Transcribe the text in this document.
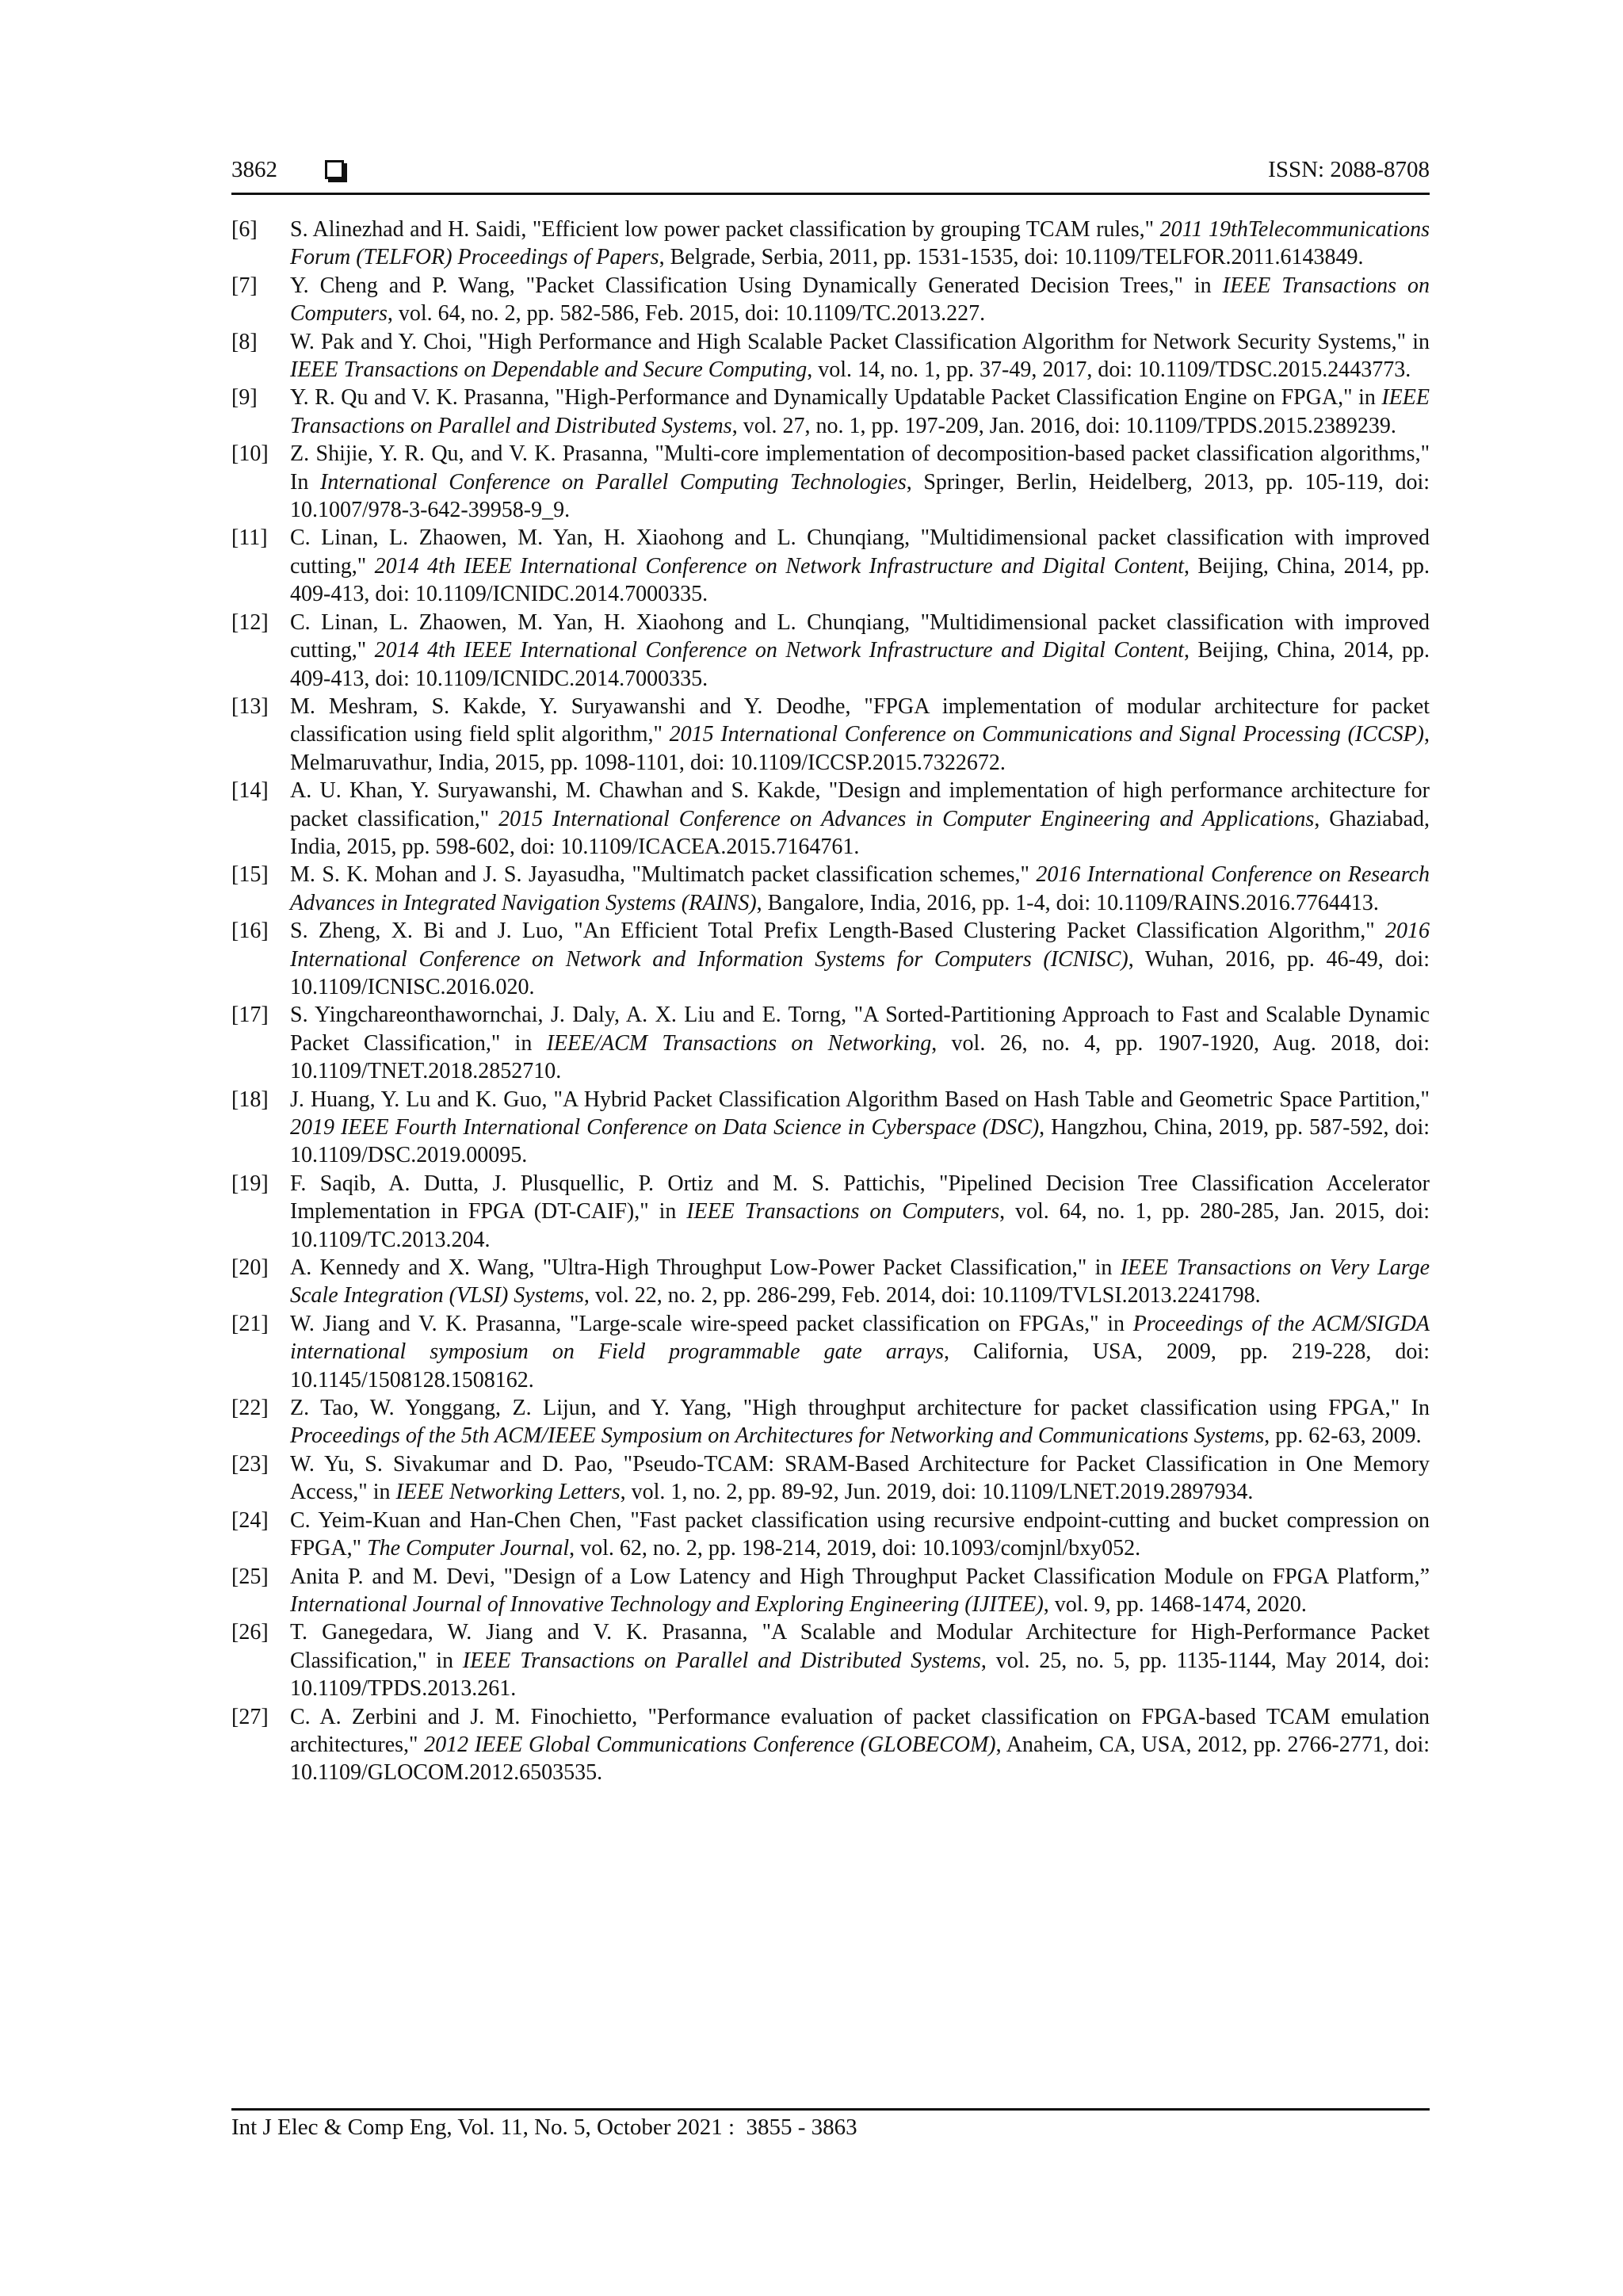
3862	ISSN: 2088-8708
[6]	S. Alinezhad and H. Saidi, "Efficient low power packet classification by grouping TCAM rules," 2011 19thTelecommunications Forum (TELFOR) Proceedings of Papers, Belgrade, Serbia, 2011, pp. 1531-1535, doi: 10.1109/TELFOR.2011.6143849.
[7]	Y. Cheng and P. Wang, "Packet Classification Using Dynamically Generated Decision Trees," in IEEE Transactions on Computers, vol. 64, no. 2, pp. 582-586, Feb. 2015, doi: 10.1109/TC.2013.227.
[8]	W. Pak and Y. Choi, "High Performance and High Scalable Packet Classification Algorithm for Network Security Systems," in IEEE Transactions on Dependable and Secure Computing, vol. 14, no. 1, pp. 37-49, 2017, doi: 10.1109/TDSC.2015.2443773.
[9]	Y. R. Qu and V. K. Prasanna, "High-Performance and Dynamically Updatable Packet Classification Engine on FPGA," in IEEE Transactions on Parallel and Distributed Systems, vol. 27, no. 1, pp. 197-209, Jan. 2016, doi: 10.1109/TPDS.2015.2389239.
[10] Z. Shijie, Y. R. Qu, and V. K. Prasanna, "Multi-core implementation of decomposition-based packet classification algorithms," In International Conference on Parallel Computing Technologies, Springer, Berlin, Heidelberg, 2013, pp. 105-119, doi: 10.1007/978-3-642-39958-9_9.
[11]	C. Linan, L. Zhaowen, M. Yan, H. Xiaohong and L. Chunqiang, "Multidimensional packet classification with improved cutting," 2014 4th IEEE International Conference on Network Infrastructure and Digital Content, Beijing, China, 2014, pp. 409-413, doi: 10.1109/ICNIDC.2014.7000335.
[12] C. Linan, L. Zhaowen, M. Yan, H. Xiaohong and L. Chunqiang, "Multidimensional packet classification with improved cutting," 2014 4th IEEE International Conference on Network Infrastructure and Digital Content, Beijing, China, 2014, pp. 409-413, doi: 10.1109/ICNIDC.2014.7000335.
[13] M. Meshram, S. Kakde, Y. Suryawanshi and Y. Deodhe, "FPGA implementation of modular architecture for packet classification using field split algorithm," 2015 International Conference on Communications and Signal Processing (ICCSP), Melmaruvathur, India, 2015, pp. 1098-1101, doi: 10.1109/ICCSP.2015.7322672.
[14] A. U. Khan, Y. Suryawanshi, M. Chawhan and S. Kakde, "Design and implementation of high performance architecture for packet classification," 2015 International Conference on Advances in Computer Engineering and Applications, Ghaziabad, India, 2015, pp. 598-602, doi: 10.1109/ICACEA.2015.7164761.
[15] M. S. K. Mohan and J. S. Jayasudha, "Multimatch packet classification schemes," 2016 International Conference on Research Advances in Integrated Navigation Systems (RAINS), Bangalore, India, 2016, pp. 1-4, doi: 10.1109/RAINS.2016.7764413.
[16] S. Zheng, X. Bi and J. Luo, "An Efficient Total Prefix Length-Based Clustering Packet Classification Algorithm," 2016 International Conference on Network and Information Systems for Computers (ICNISC), Wuhan, 2016, pp. 46-49, doi: 10.1109/ICNISC.2016.020.
[17] S. Yingchareonthawornchai, J. Daly, A. X. Liu and E. Torng, "A Sorted-Partitioning Approach to Fast and Scalable Dynamic Packet Classification," in IEEE/ACM Transactions on Networking, vol. 26, no. 4, pp. 1907-1920, Aug. 2018, doi: 10.1109/TNET.2018.2852710.
[18] J. Huang, Y. Lu and K. Guo, "A Hybrid Packet Classification Algorithm Based on Hash Table and Geometric Space Partition," 2019 IEEE Fourth International Conference on Data Science in Cyberspace (DSC), Hangzhou, China, 2019, pp. 587-592, doi: 10.1109/DSC.2019.00095.
[19] F. Saqib, A. Dutta, J. Plusquellic, P. Ortiz and M. S. Pattichis, "Pipelined Decision Tree Classification Accelerator Implementation in FPGA (DT-CAIF)," in IEEE Transactions on Computers, vol. 64, no. 1, pp. 280-285, Jan. 2015, doi: 10.1109/TC.2013.204.
[20] A. Kennedy and X. Wang, "Ultra-High Throughput Low-Power Packet Classification," in IEEE Transactions on Very Large Scale Integration (VLSI) Systems, vol. 22, no. 2, pp. 286-299, Feb. 2014, doi: 10.1109/TVLSI.2013.2241798.
[21] W. Jiang and V. K. Prasanna, "Large-scale wire-speed packet classification on FPGAs," in Proceedings of the ACM/SIGDA international symposium on Field programmable gate arrays, California, USA, 2009, pp. 219-228, doi: 10.1145/1508128.1508162.
[22] Z. Tao, W. Yonggang, Z. Lijun, and Y. Yang, "High throughput architecture for packet classification using FPGA," In Proceedings of the 5th ACM/IEEE Symposium on Architectures for Networking and Communications Systems, pp. 62-63, 2009.
[23] W. Yu, S. Sivakumar and D. Pao, "Pseudo-TCAM: SRAM-Based Architecture for Packet Classification in One Memory Access," in IEEE Networking Letters, vol. 1, no. 2, pp. 89-92, Jun. 2019, doi: 10.1109/LNET.2019.2897934.
[24] C. Yeim-Kuan and Han-Chen Chen, "Fast packet classification using recursive endpoint-cutting and bucket compression on FPGA," The Computer Journal, vol. 62, no. 2, pp. 198-214, 2019, doi: 10.1093/comjnl/bxy052.
[25] Anita P. and M. Devi, "Design of a Low Latency and High Throughput Packet Classification Module on FPGA Platform,” International Journal of Innovative Technology and Exploring Engineering (IJITEE), vol. 9, pp. 1468-1474, 2020.
[26] T. Ganegedara, W. Jiang and V. K. Prasanna, "A Scalable and Modular Architecture for High-Performance Packet Classification," in IEEE Transactions on Parallel and Distributed Systems, vol. 25, no. 5, pp. 1135-1144, May 2014, doi: 10.1109/TPDS.2013.261.
[27] C. A. Zerbini and J. M. Finochietto, "Performance evaluation of packet classification on FPGA-based TCAM emulation architectures," 2012 IEEE Global Communications Conference (GLOBECOM), Anaheim, CA, USA, 2012, pp. 2766-2771, doi: 10.1109/GLOCOM.2012.6503535.
Int J Elec & Comp Eng, Vol. 11, No. 5, October 2021 :  3855 - 3863
